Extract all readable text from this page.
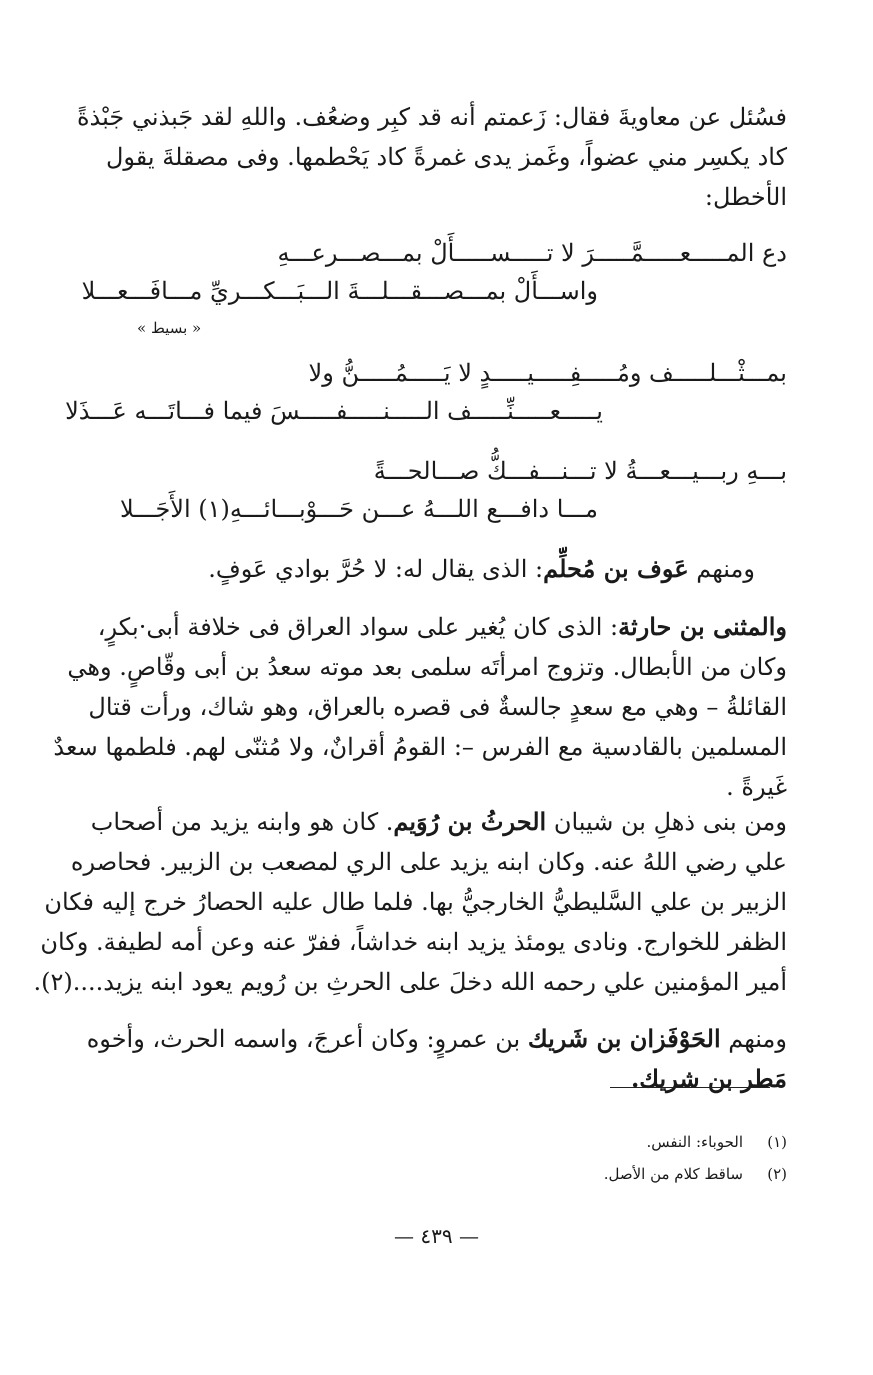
فسُئل عن معاويةَ فقال: زَعمتم أنه قد كبِر وضعُف. واللهِ لقد جَبذني جَبْذةً
كاد يكسِر مني عضواً، وغَمز يدى غمرةً كاد يَحْطمها. وفى مصقلةَ يقول
الأخطل:
دع المـــــعـــــمَّـــــرَ لا تـــــســـــأَلْ بمـــصـــرعـــهِ
واســـأَلْ بمـــصـــقـــلـــةَ الـــبَـــكـــريِّ مـــافَـــعـــلا
« بسيط »
بمـــثْـــلـــــف ومُـــــفِـــــيـــــدٍ لا يَـــــمُـــــنُّ ولا
يـــــعـــــنِّـــــف الـــــنـــــفـــــسَ فيما فـــاتَـــه عَـــذَلا
بـــهِ ربـــيـــعـــةُ لا تـــنـــفـــكُّ صـــالحـــةً
مـــا دافـــع اللـــهُ عـــن حَـــوْبـــائـــهِ(١) الأَجَـــلا
ومنهم عَوف بن مُحلِّم: الذى يقال له: لا حُرَّ بوادي عَوفٍ.
والمثنى بن حارثة: الذى كان يُغير على سواد العراق فى خلافة أبى·بكرٍ،
وكان من الأبطال. وتزوج امرأتَه سلمى بعد موته سعدُ بن أبى وقّاصٍ. وهي
القائلةُ – وهي مع سعدٍ جالسةٌ فى قصره بالعراق، وهو شاك، ورأت قتال
المسلمين بالقادسية مع الفرس –: القومُ أقرانٌ، ولا مُثنّى لهم. فلطمها سعدٌ
غَيرةً .
ومن بنى ذهلِ بن شيبان الحرثُ بن رُوَيم. كان هو وابنه يزيد من أصحاب
علي رضي اللهُ عنه. وكان ابنه يزيد على الري لمصعب بن الزبير. فحاصره
الزبير بن علي السَّليطيُّ الخارجيُّ بها. فلما طال عليه الحصارُ خرج إليه فكان
الظفر للخوارج. ونادى يومئذ يزيد ابنه خداشاً، ففرّ عنه وعن أمه لطيفة. وكان
أمير المؤمنين علي رحمه الله دخلَ على الحرثِ بن رُويم يعود ابنه يزيد....(٢).
ومنهم الحَوْفَزان بن شَريك بن عمروٍ: وكان أعرجَ، واسمه الحرث، وأخوه
مَطر بن شريك.
(١)الحوباء: النفس.
(٢)ساقط كلام من الأصل.
— ٤٣٩ —
